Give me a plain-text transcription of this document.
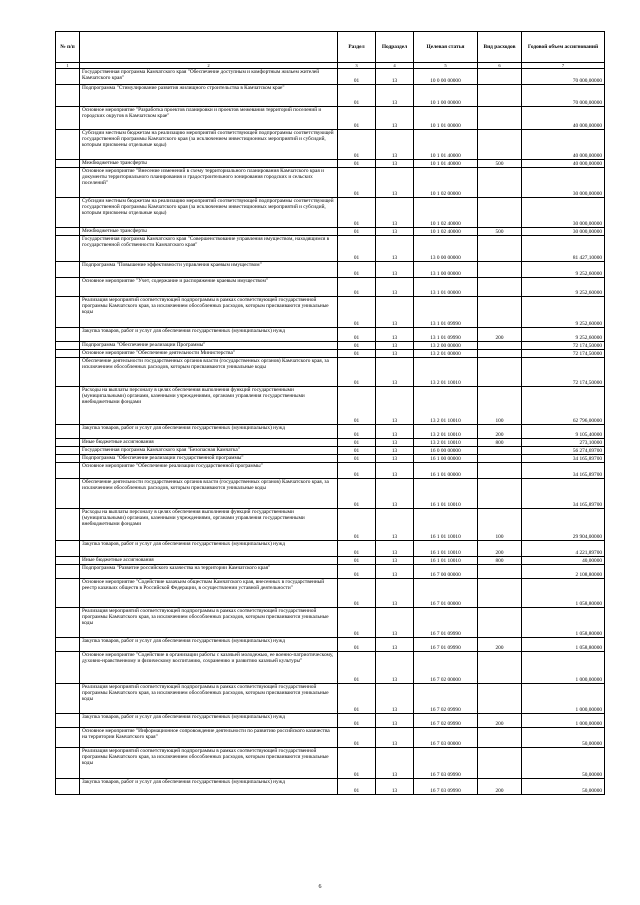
№ п/п		Раздел	Подраздел	Целевая статья	Вид расходов	Годовой объем ассигнований
1	2	3	4	5	6	7
	Государственная программа Камчатского края "Обеспечение доступным и комфортным жильем жителей Камчатского края"	01	13	10 0 00 00000		70 000,00000
	Подпрограмма "Стимулирование развития жилищного строительства в Камчатском крае"	01	13	10 1 00 00000		70 000,00000
	Основное мероприятие "Разработка проектов планировки и проектов межевания территорий поселений и городских округов в Камчатском крае"	01	13	10 1 01 00000		40 000,00000
	Субсидии местным бюджетам на реализацию мероприятий соответствующей подпрограммы соответствующей государственной программы Камчатского края (за исключением инвестиционных мероприятий и субсидий, которым присвоены отдельные коды)	01	13	10 1 01 40000		40 000,00000
	Межбюджетные трансферты	01	13	10 1 01 40000	500	40 000,00000
	Основное мероприятие "Внесение изменений в схему территориального планирования Камчатского края и документы территориального планирования и градостроительного зонирования городских и сельских поселений"	01	13	10 1 02 00000		30 000,00000
	Субсидии местным бюджетам на реализацию мероприятий соответствующей подпрограммы соответствующей государственной программы Камчатского края (за исключением инвестиционных мероприятий и субсидий, которым присвоены отдельные коды)	01	13	10 1 02 40000		30 000,00000
	Межбюджетные трансферты	01	13	10 1 02 40000	500	30 000,00000
	Государственная программа Камчатского края "Совершенствование управления имуществом, находящимся в государственной собственности Камчатского края"	01	13	13 0 00 00000		81 427,10000
	Подпрограмма "Повышение эффективности управления краевым имуществом"	01	13	13 1 00 00000		9 252,60000
	Основное мероприятие "Учет, содержание и распоряжение краевым имуществом"	01	13	13 1 01 00000		9 252,60000
	Реализация мероприятий соответствующей подпрограммы в рамках соответствующей государственной программы Камчатского края, за исключением обособленных расходов, которым присваиваются уникальные коды	01	13	13 1 01 09990		9 252,60000
	Закупка товаров, работ и услуг для обеспечения государственных (муниципальных) нужд	01	13	13 1 01 09990	200	9 252,60000
	Подпрограмма "Обеспечение реализации Программы"	01	13	13 2 00 00000		72 174,50000
	Основное мероприятие "Обеспечение деятельности Министерства"	01	13	13 2 01 00000		72 174,50000
	Обеспечение деятельности государственных органов власти (государственных органов) Камчатского края, за исключением обособленных расходов, которым присваиваются уникальные коды	01	13	13 2 01 10010		72 174,50000
	Расходы на выплаты персоналу в целях обеспечения выполнения функций государственными (муниципальными) органами, казенными учреждениями, органами управления государственными внебюджетными фондами	01	13	13 2 01 10010	100	62 796,00000
	Закупка товаров, работ и услуг для обеспечения государственных (муниципальных) нужд	01	13	13 2 01 10010	200	9 105,40000
	Иные бюджетные ассигнования	01	13	13 2 01 10010	800	273,10000
	Государственная программа Камчатского края "Безопасная Камчатка"	01	13	16 0 00 00000		56 274,69700
	Подпрограмма "Обеспечение реализации государственной программы"	01	13	16 1 00 00000		34 165,89700
	Основное мероприятие "Обеспечение реализации государственной программы"	01	13	16 1 01 00000		34 165,89700
	Обеспечение деятельности государственных органов власти (государственных органов) Камчатского края, за исключением обособленных расходов, которым присваиваются уникальные коды	01	13	16 1 01 10010		34 165,89700
	Расходы на выплаты персоналу в целях обеспечения выполнения функций государственными (муниципальными) органами, казенными учреждениями, органами управления государственными внебюджетными фондами	01	13	16 1 01 10010	100	29 904,00000
	Закупка товаров, работ и услуг для обеспечения государственных (муниципальных) нужд	01	13	16 1 01 10010	200	4 221,89700
	Иные бюджетные ассигнования	01	13	16 1 01 10010	800	40,00000
	Подпрограмма "Развитие российского казачества на территории Камчатского края"	01	13	16 7 00 00000		2 108,80000
	Основное мероприятие "Содействие казачьим обществам Камчатского края, внесенных в государственный реестр казачьих обществ в Российской Федерации, в осуществлении уставной деятельности"	01	13	16 7 01 00000		1 058,80000
	Реализация мероприятий соответствующей подпрограммы в рамках соответствующей государственной программы Камчатского края, за исключением обособленных расходов, которым присваиваются уникальные коды	01	13	16 7 01 09990		1 058,80000
	Закупка товаров, работ и услуг для обеспечения государственных (муниципальных) нужд	01	13	16 7 01 09990	200	1 058,80000
	Основное мероприятие "Содействие в организации работы с казачьей молодежью, ее военно-патриотическому, духовно-нравственному и физическому воспитанию, сохранению и развитию казачьей культуры"	01	13	16 7 02 00000		1 000,00000
	Реализация мероприятий соответствующей подпрограммы в рамках соответствующей государственной программы Камчатского края, за исключением обособленных расходов, которым присваиваются уникальные коды	01	13	16 7 02 09990		1 000,00000
	Закупка товаров, работ и услуг для обеспечения государственных (муниципальных) нужд	01	13	16 7 02 09990	200	1 000,00000
	Основное мероприятие "Информационное сопровождение деятельности по развитию российского казачества на территории Камчатского края"	01	13	16 7 03 00000		50,00000
	Реализация мероприятий соответствующей подпрограммы в рамках соответствующей государственной программы Камчатского края, за исключением обособленных расходов, которым присваиваются уникальные коды	01	13	16 7 03 09990		50,00000
	Закупка товаров, работ и услуг для обеспечения государственных (муниципальных) нужд	01	13	16 7 03 09990	200	50,00000
6
